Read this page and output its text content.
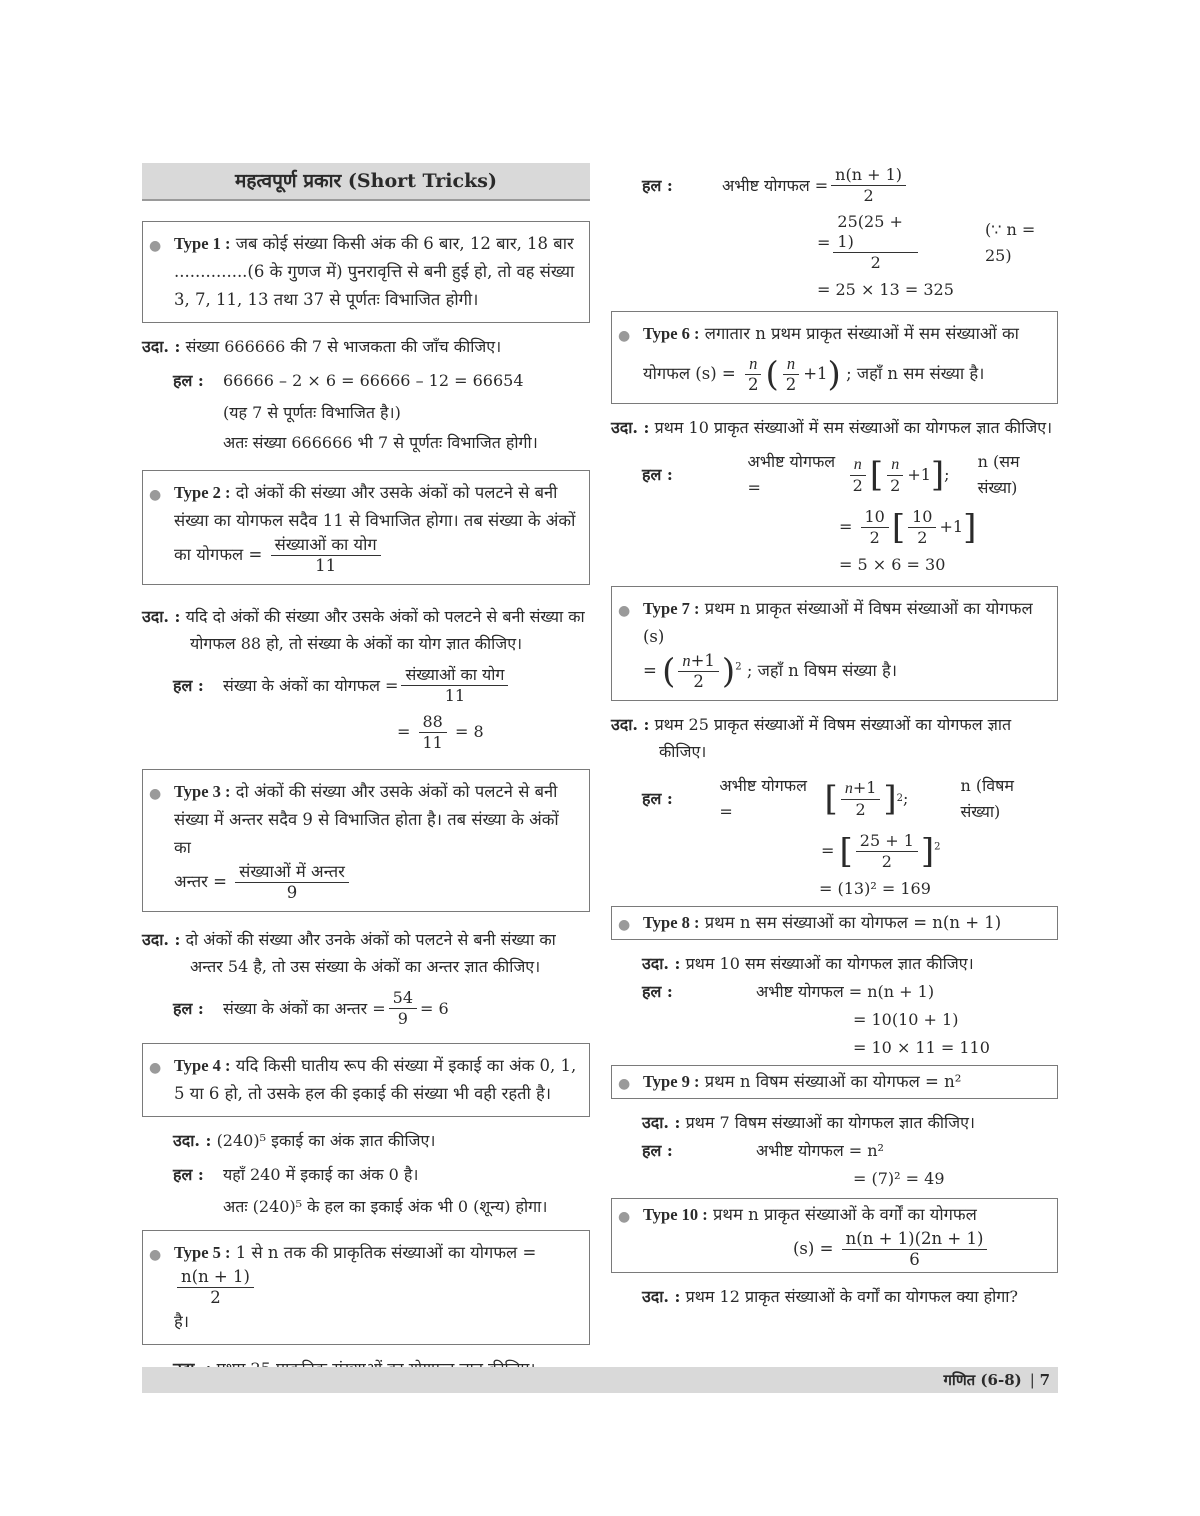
महत्वपूर्ण प्रकार (Short Tricks)
● Type 1 : जब कोई संख्या किसी अंक की 6 बार, 12 बार, 18 बार ..............(6 के गुणज में) पुनरावृत्ति से बनी हुई हो, तो वह संख्या 3, 7, 11, 13 तथा 37 से पूर्णतः विभाजित होगी।
उदा. : संख्या 666666 की 7 से भाजकता की जाँच कीजिए।
हल :	66666 – 2 × 6 = 66666 – 12 = 66654
(यह 7 से पूर्णतः विभाजित है।)
अतः संख्या 666666 भी 7 से पूर्णतः विभाजित होगी।
● Type 2 : दो अंकों की संख्या और उसके अंकों को पलटने से बनी संख्या का योगफल सदैव 11 से विभाजित होगा। तब संख्या के अंकों
का योगफल = $\frac{\text{संख्याओं का योग}}{11}$
उदा. : यदि दो अंकों की संख्या और उसके अंकों को पलटने से बनी संख्या का योगफल 88 हो, तो संख्या के अंकों का योग ज्ञात कीजिए।
हल :	संख्या के अंकों का योगफल = $\frac{\text{संख्याओं का योग}}{11}$
= $\frac{88}{11} = 8$
● Type 3 : दो अंकों की संख्या और उसके अंकों को पलटने से बनी संख्या में अन्तर सदैव 9 से विभाजित होता है। तब संख्या के अंकों का
अन्तर = $\frac{\text{संख्याओं में अन्तर}}{9}$
उदा. : दो अंकों की संख्या और उनके अंकों को पलटने से बनी संख्या का अन्तर 54 है, तो उस संख्या के अंकों का अन्तर ज्ञात कीजिए।
हल :	संख्या के अंकों का अन्तर = $\frac{54}{9} = 6$
● Type 4 : यदि किसी घातीय रूप की संख्या में इकाई का अंक 0, 1, 5 या 6 हो, तो उसके हल की इकाई की संख्या भी वही रहती है।
उदा. : (240)⁵ इकाई का अंक ज्ञात कीजिए।
हल :	यहाँ 240 में इकाई का अंक 0 है।
अतः (240)⁵ के हल का इकाई अंक भी 0 (शून्य) होगा।
● Type 5 : 1 से n तक की प्राकृतिक संख्याओं का योगफल =
$\frac{n(n + 1)}{2}$
है।
हल :	अभीष्ट योगफल = $\frac{n(n + 1)}{2}$
= $\frac{25(25 + 1)}{2}$	(∵ n = 25)
= 25 × 13 = 325
● Type 6 : लगातार n प्रथम प्राकृत संख्याओं में सम संख्याओं का
योगफल $(s) = \frac{n}{2}$ ( $\frac{n}{2} +1$) ; जहाँ n सम संख्या है।
उदा. : प्रथम 10 प्राकृत संख्याओं में सम संख्याओं का योगफल ज्ञात कीजिए।
हल :
अभीष्ट योगफल =	$\frac{n}{2}$ [ $\frac{n}{2} +1$ ] ;
n (सम संख्या)
= $\frac{10}{2}$ [ $\frac{10}{2} +1$]
= 5 × 6 = 30
● Type 7 : प्रथम n प्राकृत संख्याओं में विषम संख्याओं का योगफल (s)
= ( $\frac{n+1}{2} )^2$ ; जहाँ n विषम संख्या है।
उदा. : प्रथम 25 प्राकृत संख्याओं में विषम संख्याओं का योगफल ज्ञात कीजिए।
हल :
अभीष्ट योगफल =	[ $\frac{n+1}{2}$ ] 2 ;
n (विषम संख्या)
= [ $\frac{25 + 1}{2} ]^2$
= (13)² = 169
● Type 8 : प्रथम n सम संख्याओं का योगफल = n(n + 1)
उदा. : प्रथम 10 सम संख्याओं का योगफल ज्ञात कीजिए।
हल :	अभीष्ट योगफल = n(n + 1)
= 10(10 + 1)
= 10 × 11 = 110
● Type 9 : प्रथम n विषम संख्याओं का योगफल = n²
उदा. : प्रथम 7 विषम संख्याओं का योगफल ज्ञात कीजिए।
हल :	अभीष्ट योगफल = n²
= (7)² = 49
● Type 10 : प्रथम n प्राकृत संख्याओं के वर्गों का योगफल
$(s) = \frac{n(n + 1)(2n + 1)}{6}$
उदा. : प्रथम 12 प्राकृत संख्याओं के वर्गों का योगफल क्या होगा?
गणित (6-8) | 7
